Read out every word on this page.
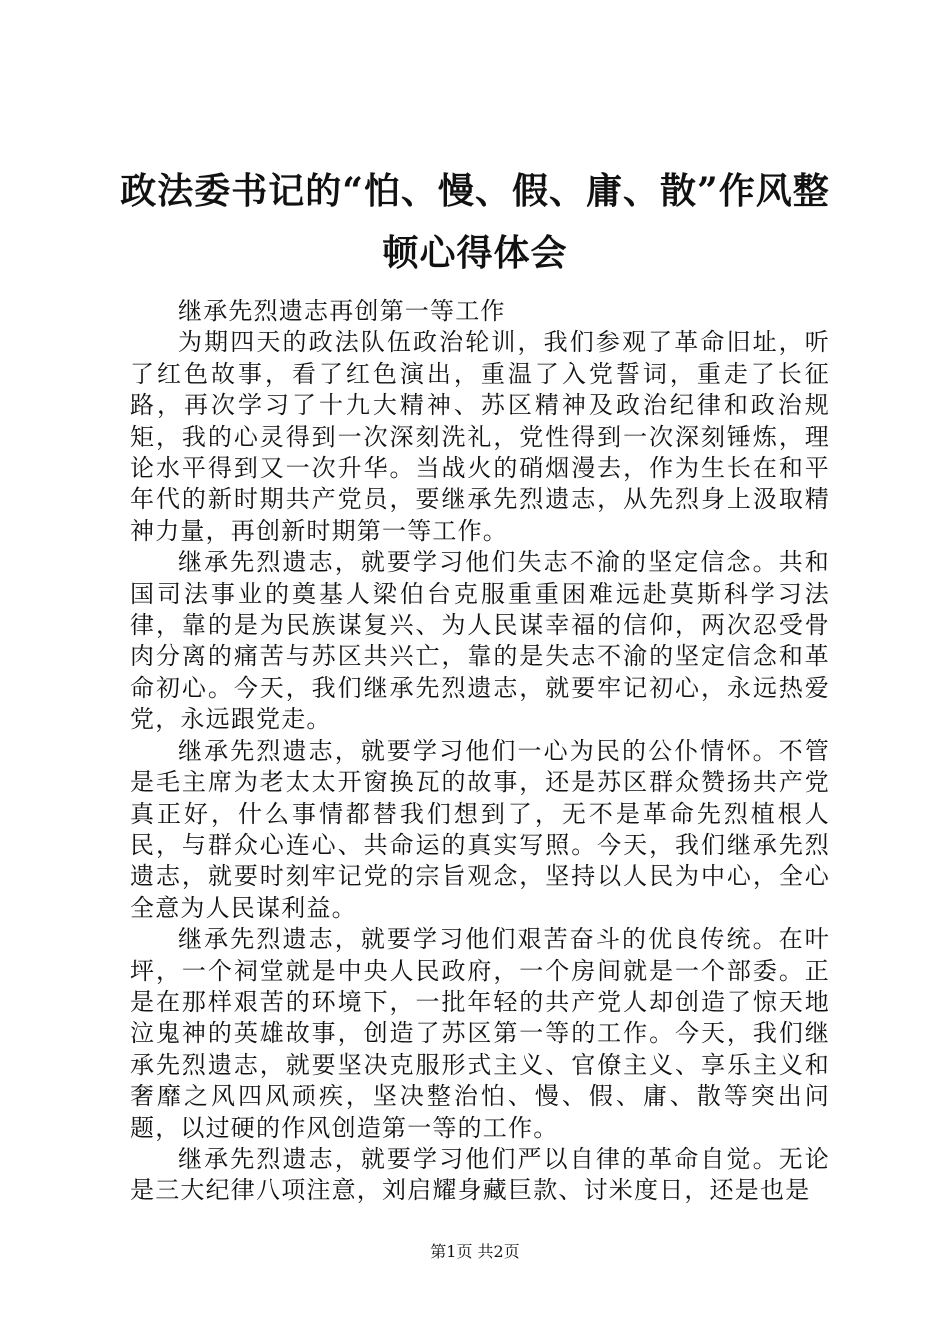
政法委书记的“怕、慢、假、庸、散”作风整顿心得体会

继承先烈遗志再创第一等工作

为期四天的政法队伍政治轮训，我们参观了革命旧址，听了红色故事，看了红色演出，重温了入党誓词，重走了长征路，再次学习了十九大精神、苏区精神及政治纪律和政治规矩，我的心灵得到一次深刻洗礼，党性得到一次深刻锤炼，理论水平得到又一次升华。当战火的硝烟漫去，作为生长在和平年代的新时期共产党员，要继承先烈遗志，从先烈身上汲取精神力量，再创新时期第一等工作。

继承先烈遗志，就要学习他们失志不渝的坚定信念。共和国司法事业的奠基人梁伯台克服重重困难远赴莫斯科学习法律，靠的是为民族谋复兴、为人民谋幸福的信仰，两次忍受骨肉分离的痛苦与苏区共兴亡，靠的是失志不渝的坚定信念和革命初心。今天，我们继承先烈遗志，就要牢记初心，永远热爱党，永远跟党走。

继承先烈遗志，就要学习他们一心为民的公仆情怀。不管是毛主席为老太太开窗换瓦的故事，还是苏区群众赞扬共产党真正好，什么事情都替我们想到了，无不是革命先烈植根人民，与群众心连心、共命运的真实写照。今天，我们继承先烈遗志，就要时刻牢记党的宗旨观念，坚持以人民为中心，全心全意为人民谋利益。

继承先烈遗志，就要学习他们艰苦奋斗的优良传统。在叶坪，一个祠堂就是中央人民政府，一个房间就是一个部委。正是在那样艰苦的环境下，一批年轻的共产党人却创造了惊天地泣鬼神的英雄故事，创造了苏区第一等的工作。今天，我们继承先烈遗志，就要坚决克服形式主义、官僚主义、享乐主义和奢靡之风四风顽疾，坚决整治怕、慢、假、庸、散等突出问题，以过硬的作风创造第一等的工作。

继承先烈遗志，就要学习他们严以自律的革命自觉。无论是三大纪律八项注意，刘启耀身藏巨款、讨米度日，还是也是

第1页 共2页
